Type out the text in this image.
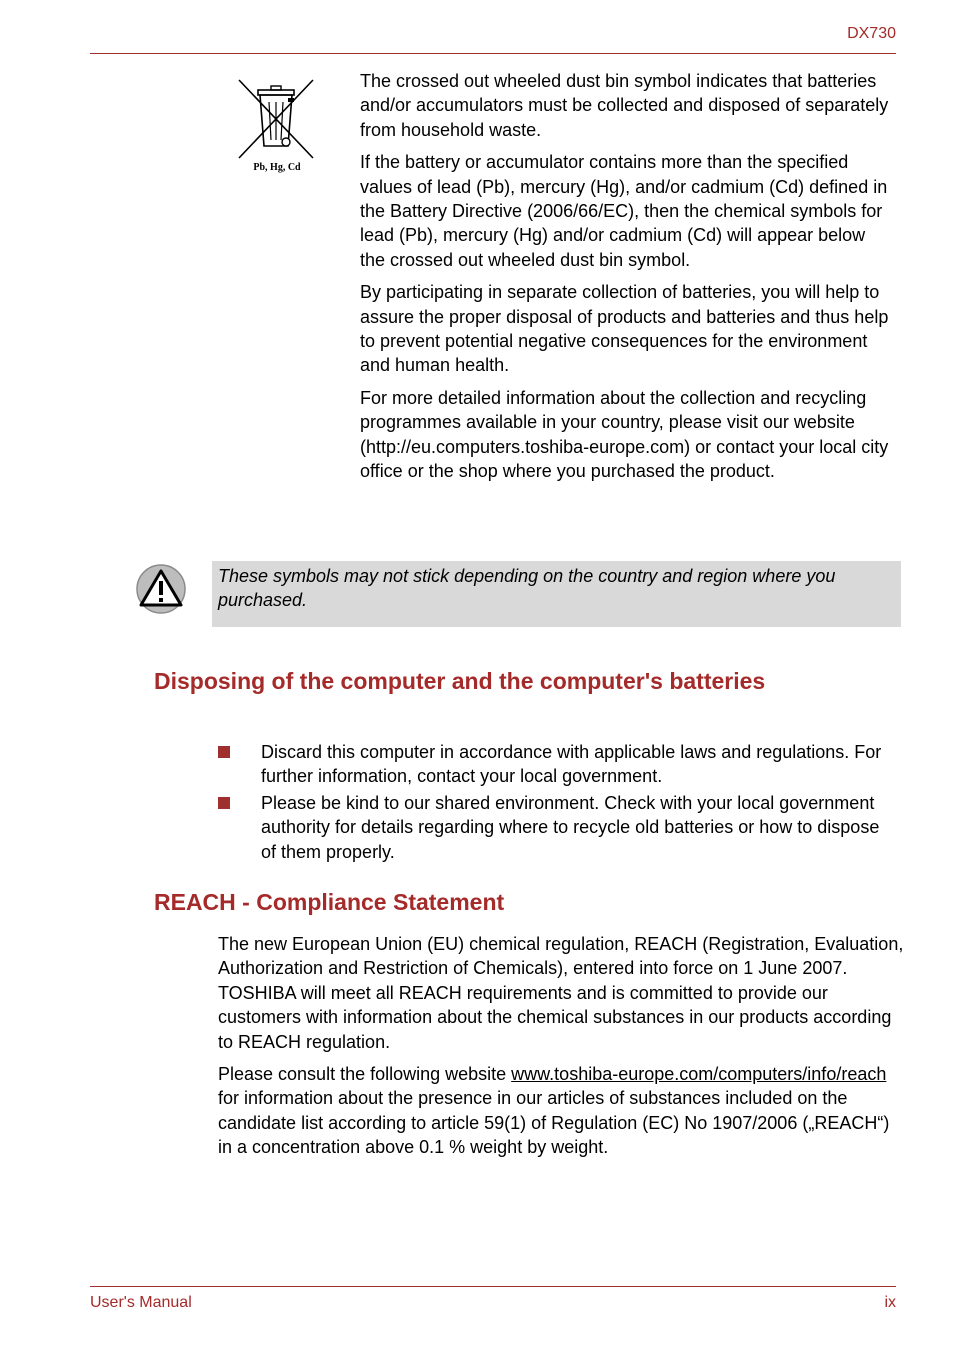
DX730
Pb, Hg, Cd

The crossed out wheeled dust bin symbol indicates that batteries and/or accumulators must be collected and disposed of separately from household waste.

If the battery or accumulator contains more than the specified values of lead (Pb), mercury (Hg), and/or cadmium (Cd) defined in the Battery Directive (2006/66/EC), then the chemical symbols for lead (Pb), mercury (Hg) and/or cadmium (Cd) will appear below the crossed out wheeled dust bin symbol.

By participating in separate collection of batteries, you will help to assure the proper disposal of products and batteries and thus help to prevent potential negative consequences for the environment and human health.

For more detailed information about the collection and recycling programmes available in your country, please visit our website (http://eu.computers.toshiba-europe.com) or contact your local city office or the shop where you purchased the product.

These symbols may not stick depending on the country and region where you purchased.
Disposing of the computer and the computer's batteries
Discard this computer in accordance with applicable laws and regulations. For further information, contact your local government.
Please be kind to our shared environment. Check with your local government authority for details regarding where to recycle old batteries or how to dispose of them properly.
REACH - Compliance Statement

The new European Union (EU) chemical regulation, REACH (Registration, Evaluation, Authorization and Restriction of Chemicals), entered into force on 1 June 2007. TOSHIBA will meet all REACH requirements and is committed to provide our customers with information about the chemical substances in our products according to REACH regulation.

Please consult the following website www.toshiba-europe.com/computers/info/reach for information about the presence in our articles of substances included on the candidate list according to article 59(1) of Regulation (EC) No 1907/2006 („REACH“) in a concentration above 0.1 % weight by weight.

User's Manual	ix
